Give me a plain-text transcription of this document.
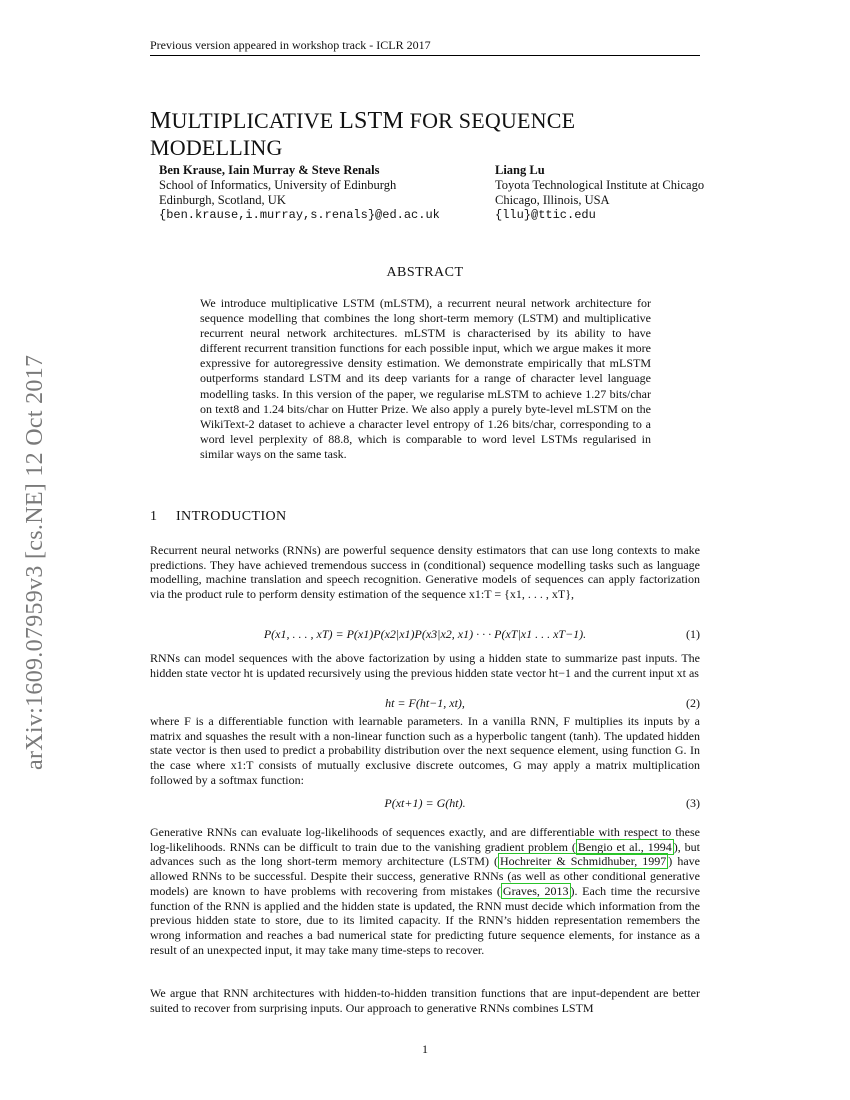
Previous version appeared in workshop track - ICLR 2017
arXiv:1609.07959v3 [cs.NE] 12 Oct 2017
MULTIPLICATIVE LSTM FOR SEQUENCE MODELLING
Ben Krause, Iain Murray & Steve Renals
School of Informatics, University of Edinburgh
Edinburgh, Scotland, UK
{ben.krause,i.murray,s.renals}@ed.ac.uk
Liang Lu
Toyota Technological Institute at Chicago
Chicago, Illinois, USA
{llu}@ttic.edu
ABSTRACT
We introduce multiplicative LSTM (mLSTM), a recurrent neural network architecture for sequence modelling that combines the long short-term memory (LSTM) and multiplicative recurrent neural network architectures. mLSTM is characterised by its ability to have different recurrent transition functions for each possible input, which we argue makes it more expressive for autoregressive density estimation. We demonstrate empirically that mLSTM outperforms standard LSTM and its deep variants for a range of character level language modelling tasks. In this version of the paper, we regularise mLSTM to achieve 1.27 bits/char on text8 and 1.24 bits/char on Hutter Prize. We also apply a purely byte-level mLSTM on the WikiText-2 dataset to achieve a character level entropy of 1.26 bits/char, corresponding to a word level perplexity of 88.8, which is comparable to word level LSTMs regularised in similar ways on the same task.
1 INTRODUCTION
Recurrent neural networks (RNNs) are powerful sequence density estimators that can use long contexts to make predictions. They have achieved tremendous success in (conditional) sequence modelling tasks such as language modelling, machine translation and speech recognition. Generative models of sequences can apply factorization via the product rule to perform density estimation of the sequence x1:T = {x1, . . . , xT},
P(x1, . . . , xT) = P(x1)P(x2|x1)P(x3|x2, x1) · · · P(xT|x1 . . . xT−1).	(1)
RNNs can model sequences with the above factorization by using a hidden state to summarize past inputs. The hidden state vector ht is updated recursively using the previous hidden state vector ht−1 and the current input xt as
ht = F(ht−1, xt),	(2)
where F is a differentiable function with learnable parameters. In a vanilla RNN, F multiplies its inputs by a matrix and squashes the result with a non-linear function such as a hyperbolic tangent (tanh). The updated hidden state vector is then used to predict a probability distribution over the next sequence element, using function G. In the case where x1:T consists of mutually exclusive discrete outcomes, G may apply a matrix multiplication followed by a softmax function:
P(xt+1) = G(ht).	(3)
Generative RNNs can evaluate log-likelihoods of sequences exactly, and are differentiable with respect to these log-likelihoods. RNNs can be difficult to train due to the vanishing gradient problem ( Bengio et al., 1994 ), but advances such as the long short-term memory architecture (LSTM) ( Hochreiter & Schmidhuber, 1997 ) have allowed RNNs to be successful. Despite their success, generative RNNs (as well as other conditional generative models) are known to have problems with recovering from mistakes ( Graves, 2013 ). Each time the recursive function of the RNN is applied and the hidden state is updated, the RNN must decide which information from the previous hidden state to store, due to its limited capacity. If the RNN’s hidden representation remembers the wrong information and reaches a bad numerical state for predicting future sequence elements, for instance as a result of an unexpected input, it may take many time-steps to recover.
We argue that RNN architectures with hidden-to-hidden transition functions that are input-dependent are better suited to recover from surprising inputs. Our approach to generative RNNs combines LSTM
1
